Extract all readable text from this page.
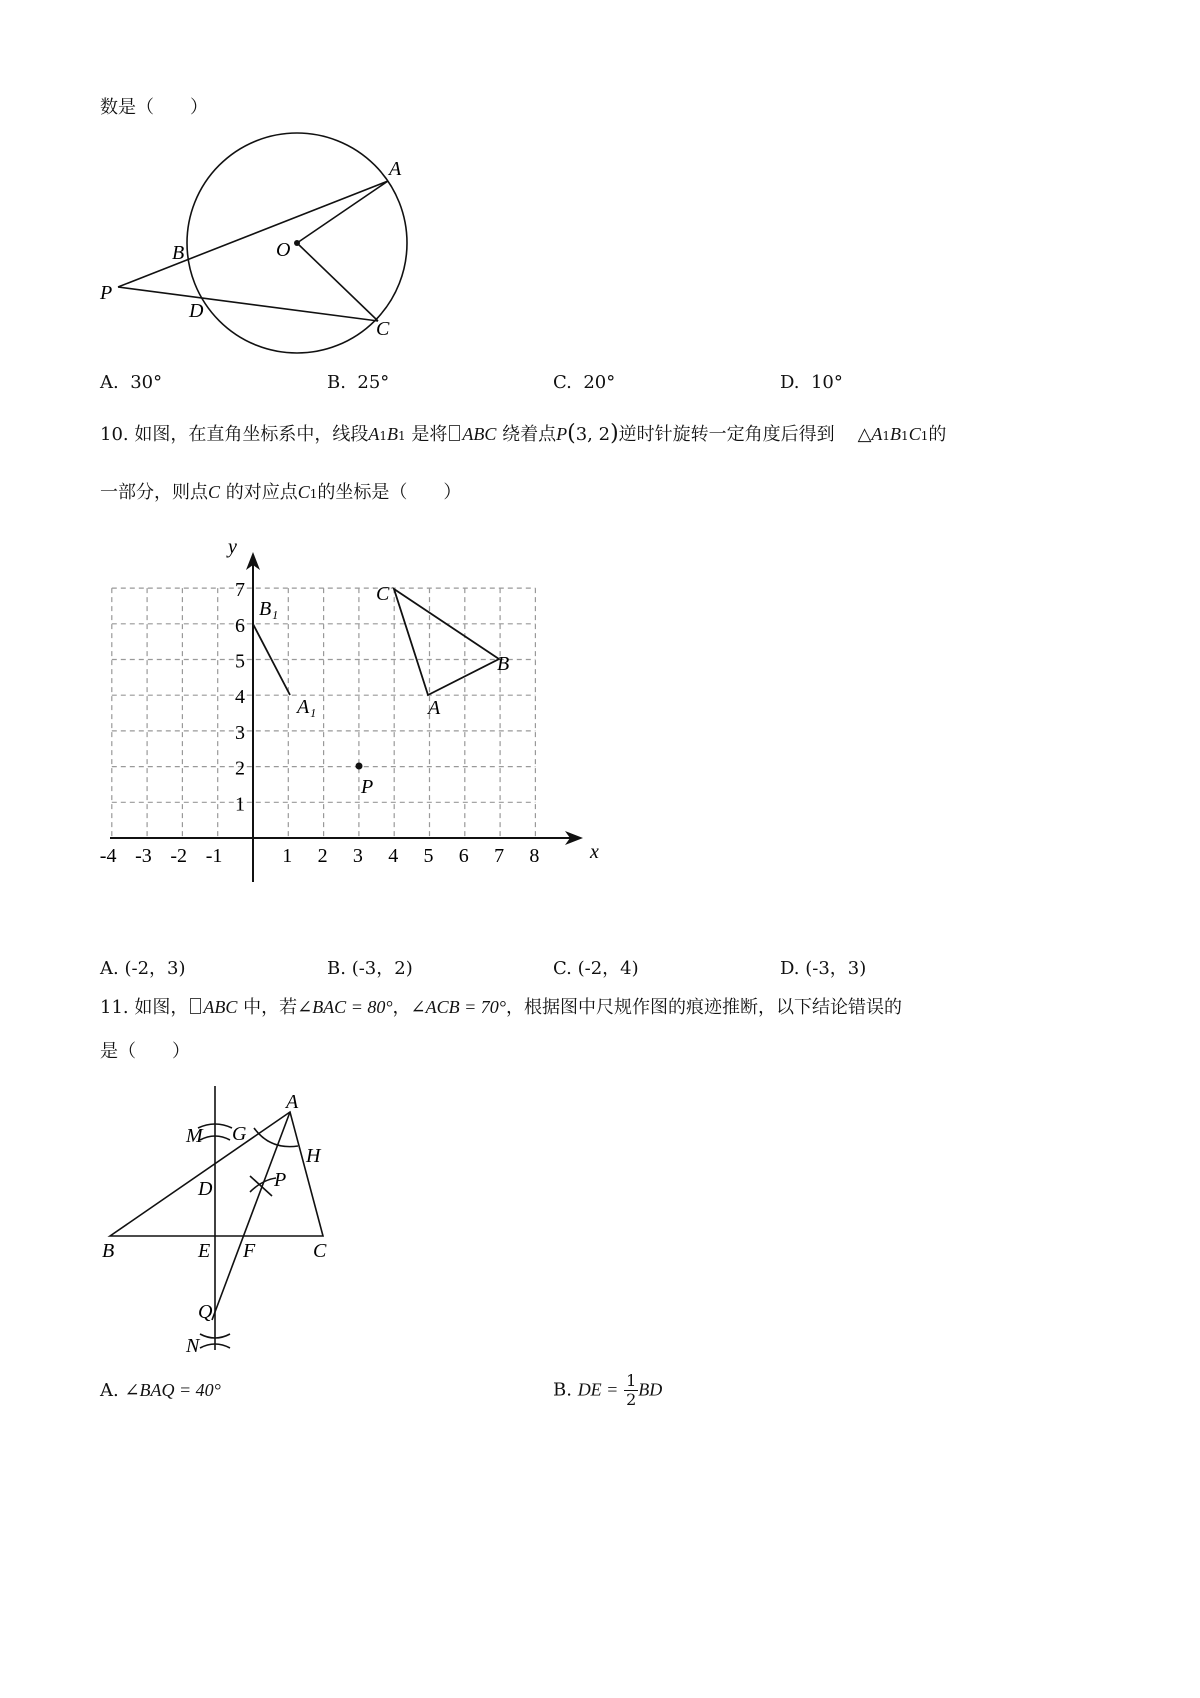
数是（　　）
A
B	O
P
D
C
-4 -3 -2 -1	1 2 3 4 5 6 7 8
1
2
3
4
5
6
7
x
y
B₁
A₁
C
B
A
P
A
M G
H
D	P
B	E F	C
Q
N
A. 30°	B. 25°	C. 20°	D. 10°
10. 如图，在直角坐标系中，线段A1B1 是将 ABC 绕着点P(3, 2)逆时针旋转一定角度后得到 △A1B1C1的
一部分，则点C 的对应点C1的坐标是（　　）
A. (-2，3)	B. (-3，2)	C. (-2，4)	D. (-3，3)
11. 如图， ABC 中，若∠BAC = 80°，∠ACB = 70°，根据图中尺规作图的痕迹推断，以下结论错误的
是（　　）
A. ∠BAQ = 40°	B. DE = $\frac{1}{2}$ BD
